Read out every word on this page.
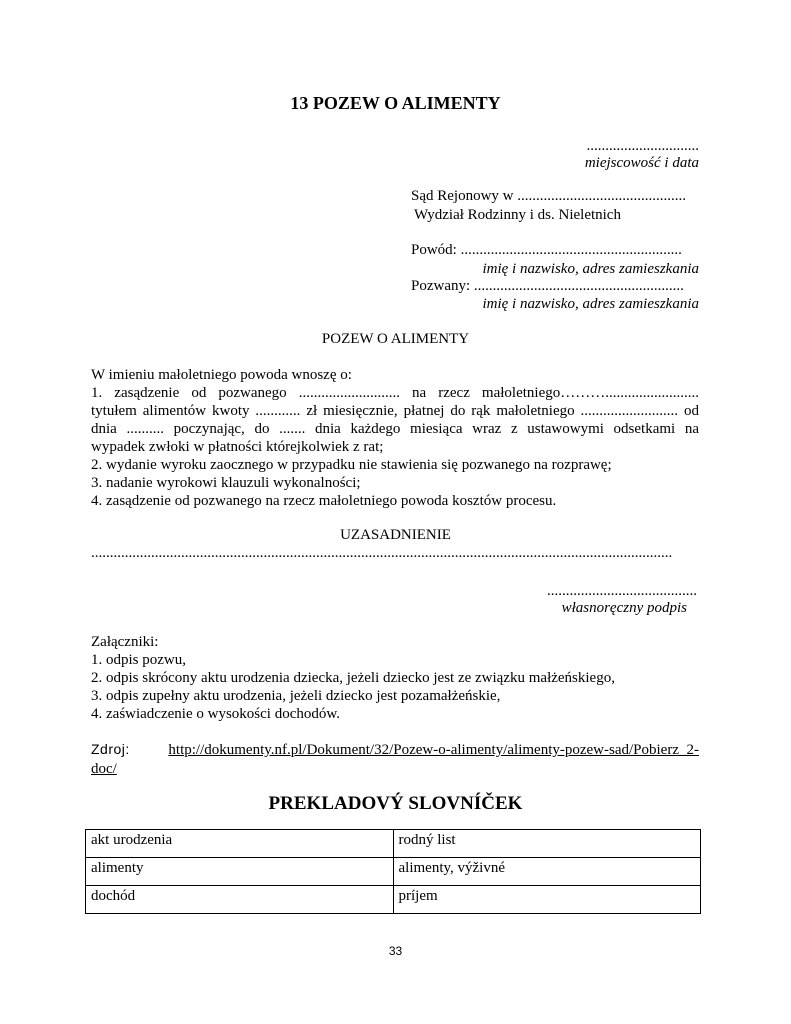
13 POZEW O ALIMENTY
..............................
miejscowość i data
Sąd Rejonowy w .............................................
Wydział Rodzinny i ds. Nieletnich
Powód: ...........................................................
imię i nazwisko, adres zamieszkania
Pozwany: ........................................................
imię i nazwisko, adres zamieszkania
POZEW O ALIMENTY
W imieniu małoletniego powoda wnoszę o:
1. zasądzenie od pozwanego ........................... na rzecz małoletniego……….........................
tytułem alimentów kwoty ............ zł miesięcznie, płatnej do rąk małoletniego .......................... od
dnia .......... poczynając, do ....... dnia każdego miesiąca wraz z ustawowymi odsetkami na
wypadek zwłoki w płatności którejkolwiek z rat;
2. wydanie wyroku zaocznego w przypadku nie stawienia się pozwanego na rozprawę;
3. nadanie wyrokowi klauzuli wykonalności;
4. zasądzenie od pozwanego na rzecz małoletniego powoda kosztów procesu.
UZASADNIENIE
...........................................................................................................................................................
........................................
własnoręczny podpis
Załączniki:
1. odpis pozwu,
2. odpis skrócony aktu urodzenia dziecka, jeżeli dziecko jest ze związku małżeńskiego,
3. odpis zupełny aktu urodzenia, jeżeli dziecko jest pozamałżeńskie,
4. zaświadczenie o wysokości dochodów.
Zdroj:	http://dokumenty.nf.pl/Dokument/32/Pozew-o-alimenty/alimenty-pozew-sad/Pobierz_2-
doc/
PREKLADOVÝ SLOVNÍČEK
akt urodzenia	rodný list
alimenty	alimenty, výživné
dochód	príjem
33
